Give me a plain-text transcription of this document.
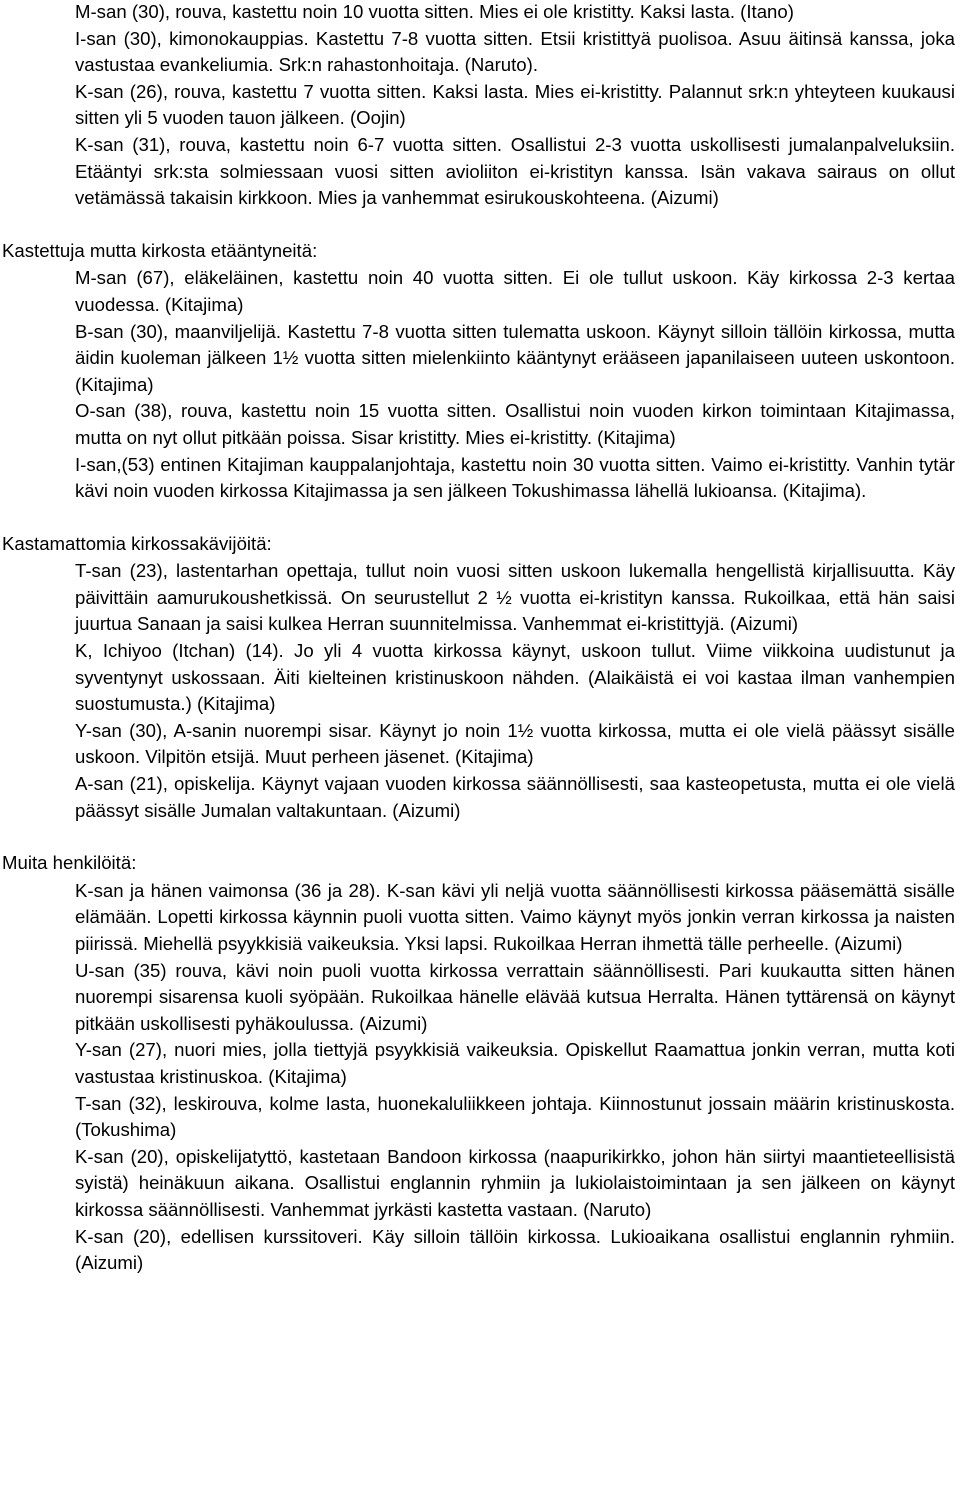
M-san (30), rouva, kastettu noin 10 vuotta sitten. Mies ei ole kristitty. Kaksi lasta. (Itano)
I-san (30), kimonokauppias. Kastettu 7-8 vuotta sitten. Etsii kristittyä puolisoa. Asuu äitinsä kanssa, joka vastustaa evankeliumia. Srk:n rahastonhoitaja. (Naruto).
K-san (26), rouva, kastettu 7 vuotta sitten. Kaksi lasta. Mies ei-kristitty. Palannut srk:n yhteyteen kuukausi sitten yli 5 vuoden tauon jälkeen. (Oojin)
K-san (31), rouva, kastettu noin 6-7 vuotta sitten. Osallistui 2-3 vuotta uskollisesti jumalanpalveluksiin. Etääntyi srk:sta solmiessaan vuosi sitten avioliiton ei-kristityn kanssa. Isän vakava sairaus on ollut vetämässä takaisin kirkkoon. Mies ja vanhemmat esirukouskohteena. (Aizumi)
Kastettuja mutta kirkosta etääntyneitä:
M-san (67), eläkeläinen, kastettu noin 40 vuotta sitten. Ei ole tullut uskoon. Käy kirkossa 2-3 kertaa vuodessa. (Kitajima)
B-san (30), maanviljelijä. Kastettu 7-8 vuotta sitten tulematta uskoon. Käynyt silloin tällöin kirkossa, mutta äidin kuoleman jälkeen 1½ vuotta sitten mielenkiinto kääntynyt erääseen japanilaiseen uuteen uskontoon. (Kitajima)
O-san (38), rouva, kastettu noin 15 vuotta sitten. Osallistui noin vuoden kirkon toimintaan Kitajimassa, mutta on nyt ollut pitkään poissa. Sisar kristitty. Mies ei-kristitty. (Kitajima)
I-san,(53) entinen Kitajiman kauppalanjohtaja, kastettu noin 30 vuotta sitten. Vaimo ei-kristitty. Vanhin tytär kävi noin vuoden kirkossa Kitajimassa ja sen jälkeen Tokushimassa lähellä lukioansa. (Kitajima).
Kastamattomia kirkossakävijöitä:
T-san (23), lastentarhan opettaja, tullut noin vuosi sitten uskoon lukemalla hengellistä kirjallisuutta. Käy päivittäin aamurukoushetkissä. On seurustellut 2 ½ vuotta ei-kristityn kanssa. Rukoilkaa, että hän saisi juurtua Sanaan ja saisi kulkea Herran suunnitelmissa. Vanhemmat ei-kristittyjä. (Aizumi)
K, Ichiyoo (Itchan) (14). Jo yli 4 vuotta kirkossa käynyt, uskoon tullut. Viime viikkoina uudistunut ja syventynyt uskossaan. Äiti kielteinen kristinuskoon nähden. (Alaikäistä ei voi kastaa ilman vanhempien suostumusta.) (Kitajima)
Y-san (30), A-sanin nuorempi sisar. Käynyt jo noin 1½ vuotta kirkossa, mutta ei ole vielä päässyt sisälle uskoon. Vilpitön etsijä. Muut perheen jäsenet. (Kitajima)
A-san (21), opiskelija. Käynyt vajaan vuoden kirkossa säännöllisesti, saa kasteopetusta, mutta ei ole vielä päässyt sisälle Jumalan valtakuntaan. (Aizumi)
Muita henkilöitä:
K-san ja hänen vaimonsa (36 ja 28). K-san kävi yli neljä vuotta säännöllisesti kirkossa pääsemättä sisälle elämään. Lopetti kirkossa käynnin puoli vuotta sitten. Vaimo käynyt myös jonkin verran kirkossa ja naisten piirissä. Miehellä psyykkisiä vaikeuksia. Yksi lapsi. Rukoilkaa Herran ihmettä tälle perheelle. (Aizumi)
U-san (35) rouva, kävi noin puoli vuotta kirkossa verrattain säännöllisesti. Pari kuukautta sitten hänen nuorempi sisarensa kuoli syöpään. Rukoilkaa hänelle elävää kutsua Herralta. Hänen tyttärensä on käynyt pitkään uskollisesti pyhäkoulussa. (Aizumi)
Y-san (27), nuori mies, jolla tiettyjä psyykkisiä vaikeuksia. Opiskellut Raamattua jonkin verran, mutta koti vastustaa kristinuskoa. (Kitajima)
T-san (32), leskirouva, kolme lasta, huonekaluliikkeen johtaja. Kiinnostunut jossain määrin kristinuskosta. (Tokushima)
K-san (20), opiskelijatyttö, kastetaan Bandoon kirkossa (naapurikirkko, johon hän siirtyi maantieteellisistä syistä) heinäkuun aikana. Osallistui englannin ryhmiin ja lukiolaistoimintaan ja sen jälkeen on käynyt kirkossa säännöllisesti. Vanhemmat jyrkästi kastetta vastaan. (Naruto)
K-san (20), edellisen kurssitoveri. Käy silloin tällöin kirkossa. Lukioaikana osallistui englannin ryhmiin. (Aizumi)
